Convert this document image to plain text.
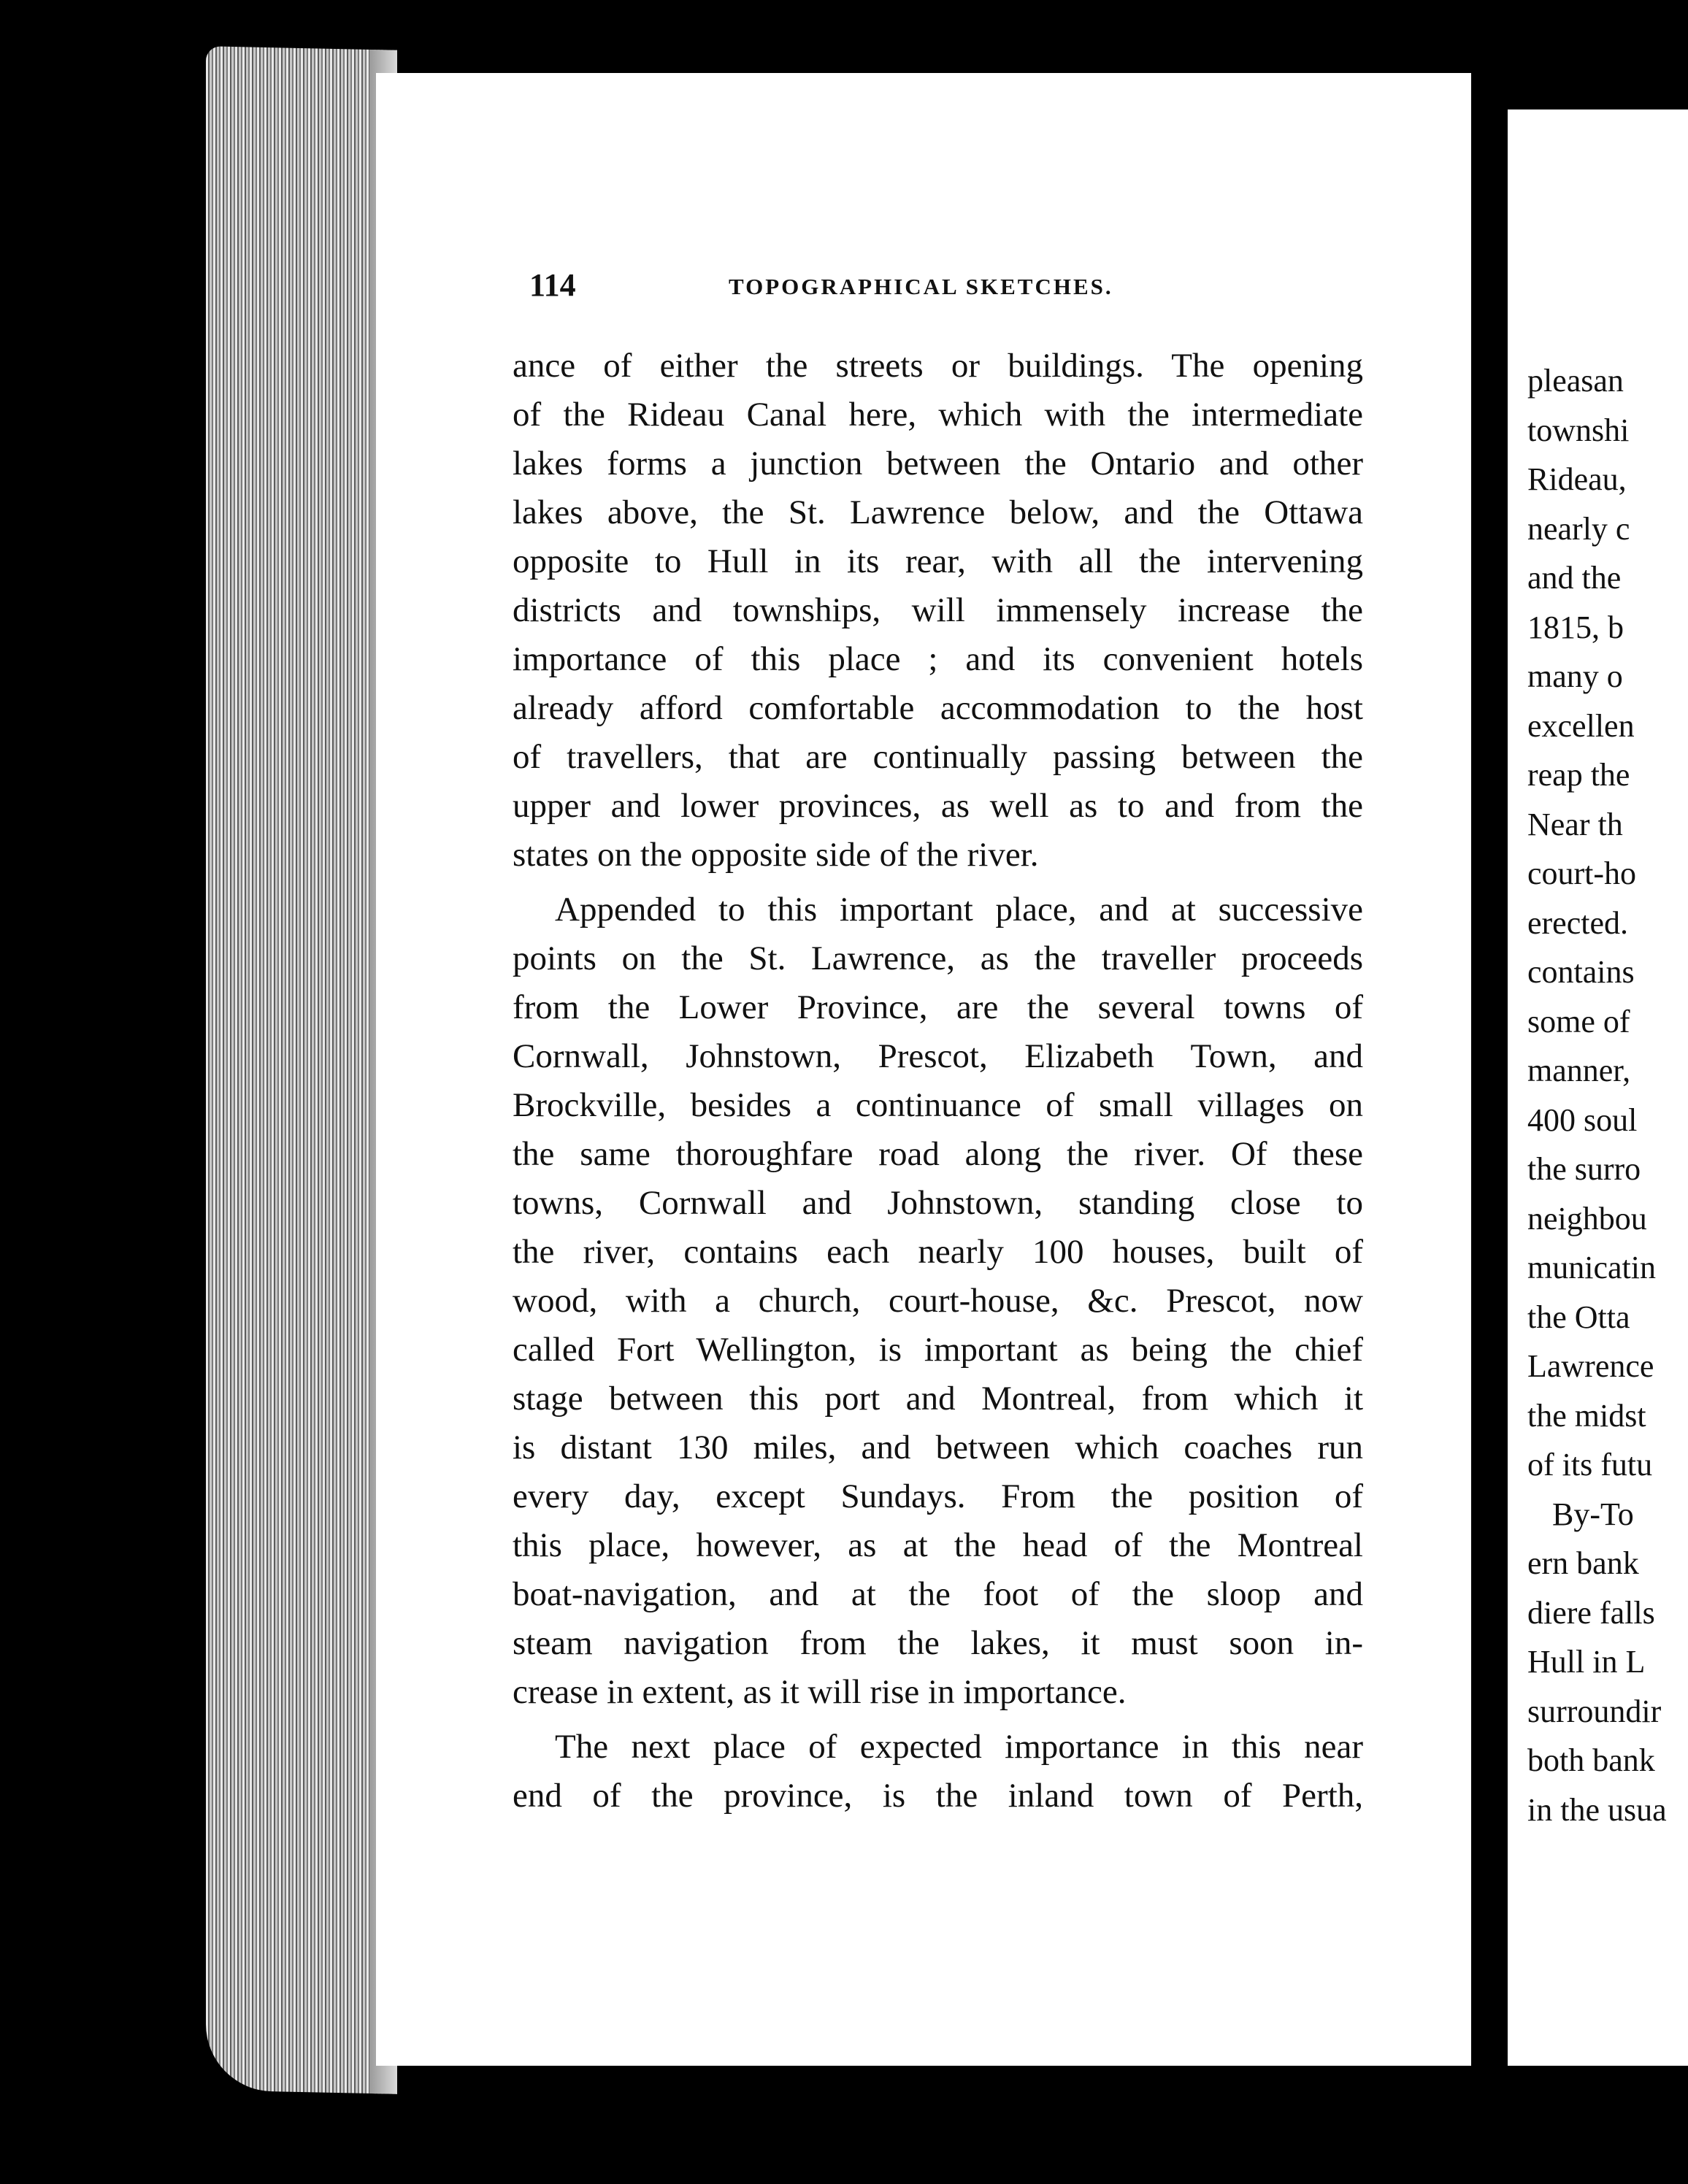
114	TOPOGRAPHICAL SKETCHES.
ance of either the streets or buildings. The opening
of the Rideau Canal here, which with the intermediate
lakes forms a junction between the Ontario and other
lakes above, the St. Lawrence below, and the Ottawa
opposite to Hull in its rear, with all the intervening
districts and townships, will immensely increase the
importance of this place ; and its convenient hotels
already afford comfortable accommodation to the host
of travellers, that are continually passing between the
upper and lower provinces, as well as to and from the
states on the opposite side of the river.
Appended to this important place, and at successive
points on the St. Lawrence, as the traveller proceeds
from the Lower Province, are the several towns of
Cornwall, Johnstown, Prescot, Elizabeth Town, and
Brockville, besides a continuance of small villages on
the same thoroughfare road along the river. Of these
towns, Cornwall and Johnstown, standing close to
the river, contains each nearly 100 houses, built of
wood, with a church, court-house, &c. Prescot, now
called Fort Wellington, is important as being the chief
stage between this port and Montreal, from which it
is distant 130 miles, and between which coaches run
every day, except Sundays. From the position of
this place, however, as at the head of the Montreal
boat-navigation, and at the foot of the sloop and
steam navigation from the lakes, it must soon in-
crease in extent, as it will rise in importance.
The next place of expected importance in this near
end of the province, is the inland town of Perth,
pleasan
townshi
Rideau,
nearly c
and the
1815, b
many o
excellen
reap the
Near th
court-ho
erected.
contains
some of
manner,
400 soul
the surro
neighbou
municatin
the Otta
Lawrence
the midst
of its futu
By-To
ern bank
diere falls
Hull in L
surroundir
both bank
in the usua
